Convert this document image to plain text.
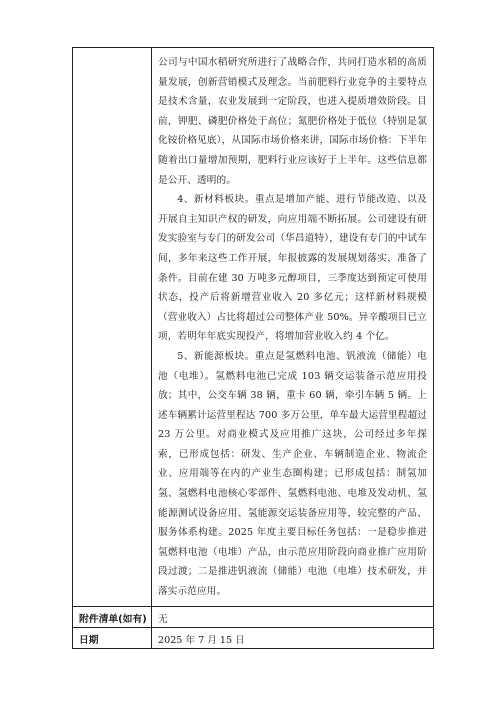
	公司与中国水稻研究所进行了战略合作，共同打造水稻的高质量发展，创新营销模式及理念。当前肥料行业竞争的主要特点是技术含量，农业发展到一定阶段，也进入提质增效阶段。目前，钾肥、磷肥价格处于高位；氮肥价格处于低位（特别是氯化铵价格见底），从国际市场价格来讲，国际市场价格：下半年随着出口量增加预期，肥料行业应该好于上半年。这些信息都是公开、透明的。

4、新材料板块。重点是增加产能、进行节能改造、以及开展自主知识产权的研发，向应用端不断拓展。公司建设有研发实验室与专门的研发公司（华昌道特），建设有专门的中试车间，多年来这些工作开展，年报披露的发展规划落实，准备了条件。目前在建 30 万吨多元醇项目，三季度达到预定可使用状态，投产后将新增营业收入 20 多亿元；这样新材料规模（营业收入）占比将超过公司整体产业 50%。异辛酸项目已立项，若明年年底实现投产，将增加营业收入约 4 个亿。

5、新能源板块。重点是氢燃料电池、钒液流（储能）电池（电堆）。氢燃料电池已完成 103 辆交运装备示范应用投放；其中，公交车辆 38 辆，重卡 60 辆，牵引车辆 5 辆。上述车辆累计运营里程达 700 多万公里，单车最大运营里程超过 23 万公里。对商业模式及应用推广这块，公司经过多年探索，已形成包括：研发、生产企业、车辆制造企业、物流企业、应用端等在内的产业生态圈构建；已形成包括：制氢加氢、氢燃料电池核心零部件、氢燃料电池、电堆及发动机、氢能源测试设备应用、氢能源交运装备应用等，较完整的产品、服务体系构建。2025 年度主要目标任务包括：一是稳步推进氢燃料电池（电堆）产品，由示范应用阶段向商业推广应用阶段过渡；二是推进钒液流（储能）电池（电堆）技术研发，并落实示范应用。

附件清单(如有)	无

日期	2025 年 7 月 15 日
